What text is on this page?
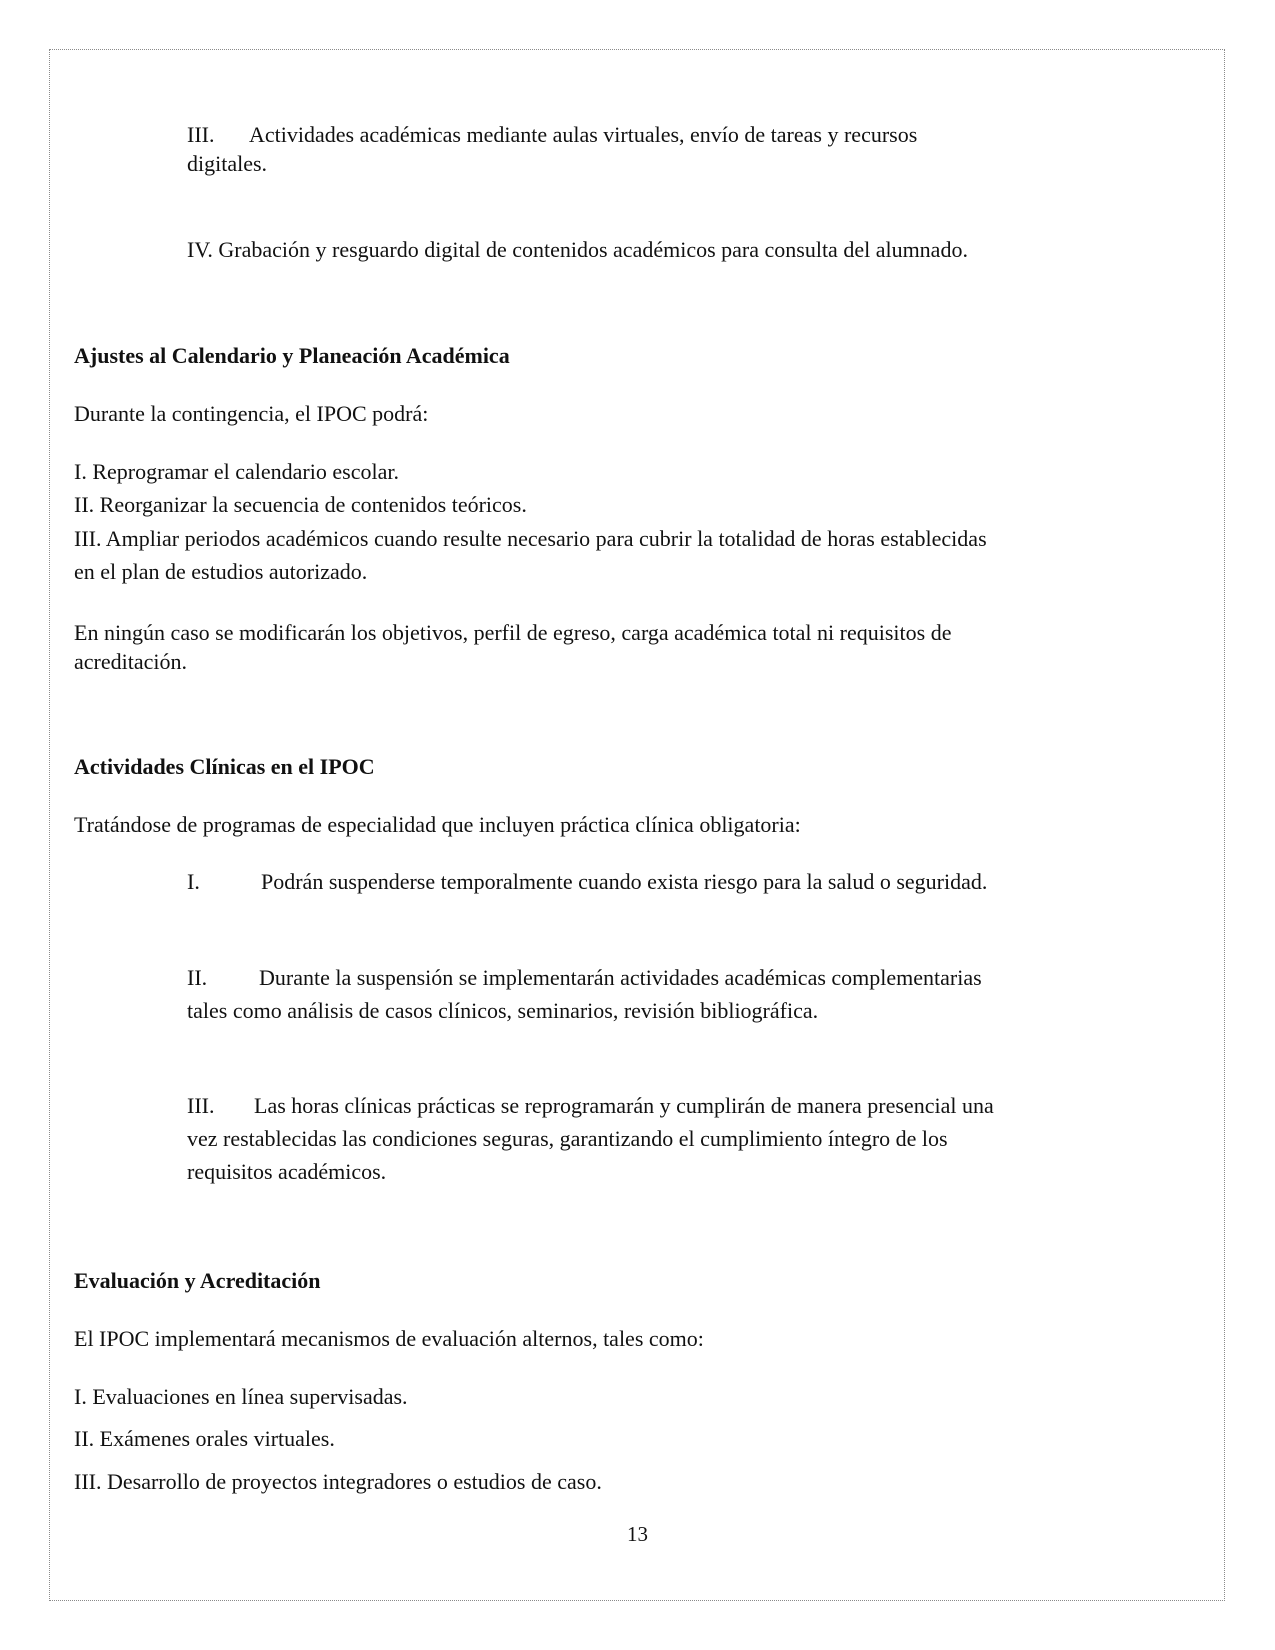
III. Actividades académicas mediante aulas virtuales, envío de tareas y recursos
digitales.
IV. Grabación y resguardo digital de contenidos académicos para consulta del alumnado.
Ajustes al Calendario y Planeación Académica
Durante la contingencia, el IPOC podrá:
I. Reprogramar el calendario escolar.
II. Reorganizar la secuencia de contenidos teóricos.
III. Ampliar periodos académicos cuando resulte necesario para cubrir la totalidad de horas establecidas
en el plan de estudios autorizado.
En ningún caso se modificarán los objetivos, perfil de egreso, carga académica total ni requisitos de
acreditación.
Actividades Clínicas en el IPOC
Tratándose de programas de especialidad que incluyen práctica clínica obligatoria:
I.	Podrán suspenderse temporalmente cuando exista riesgo para la salud o seguridad.
II. Durante la suspensión se implementarán actividades académicas complementarias
tales como análisis de casos clínicos, seminarios, revisión bibliográfica.
III. Las horas clínicas prácticas se reprogramarán y cumplirán de manera presencial una
vez restablecidas las condiciones seguras, garantizando el cumplimiento íntegro de los
requisitos académicos.
Evaluación y Acreditación
El IPOC implementará mecanismos de evaluación alternos, tales como:
I. Evaluaciones en línea supervisadas.
II. Exámenes orales virtuales.
III. Desarrollo de proyectos integradores o estudios de caso.
13
